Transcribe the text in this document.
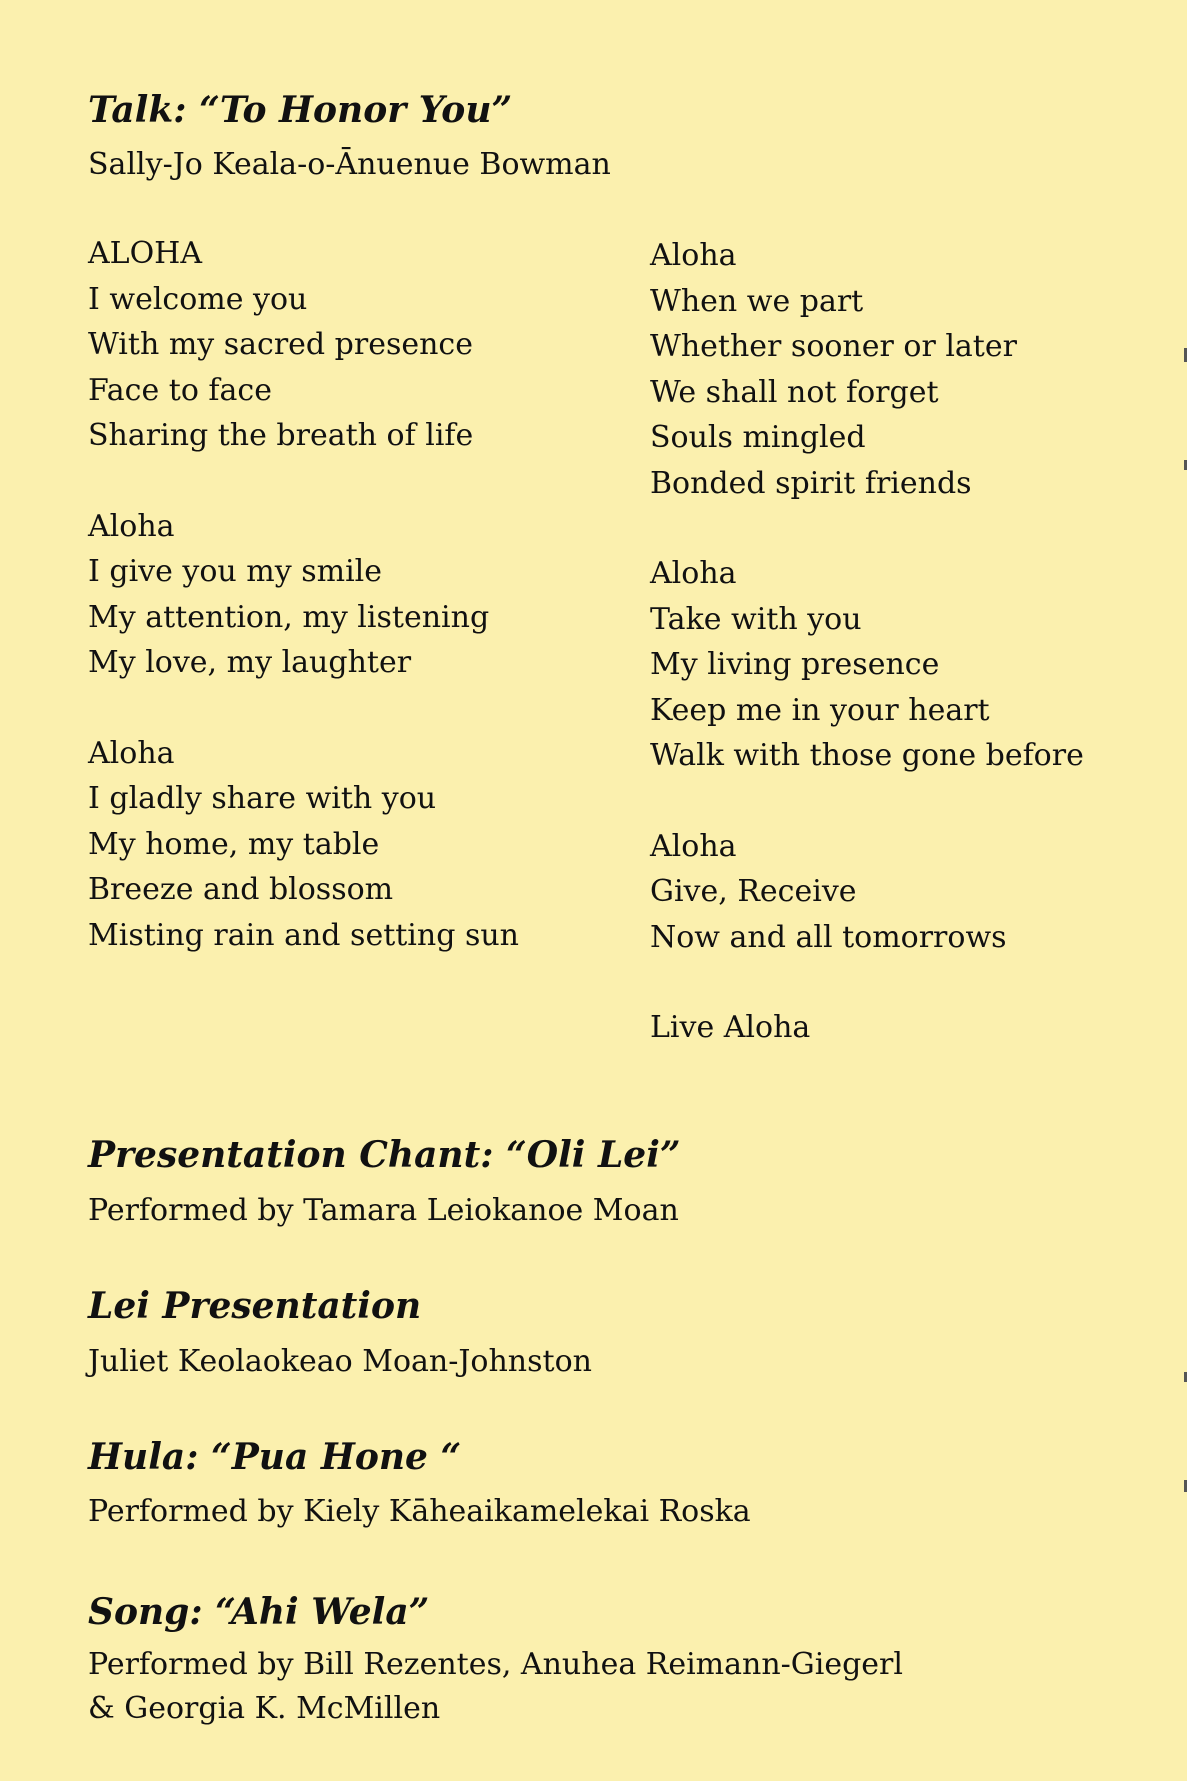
Talk: “To Honor You”

Sally-Jo Keala-o-Ānuenue Bowman

ALOHA
I welcome you
With my sacred presence
Face to face
Sharing the breath of life
Aloha
I give you my smile
My attention, my listening
My love, my laughter
Aloha
I gladly share with you
My home, my table
Breeze and blossom
Misting rain and setting sun
Aloha
When we part
Whether sooner or later
We shall not forget
Souls mingled
Bonded spirit friends
Aloha
Take with you
My living presence
Keep me in your heart
Walk with those gone before
Aloha
Give, Receive
Now and all tomorrows
Live Aloha
Presentation Chant: “Oli Lei”

Performed by Tamara Leiokanoe Moan

Lei Presentation

Juliet Keolaokeao Moan-Johnston

Hula: “Pua Hone “

Performed by Kiely Kāheaikamelekai Roska

Song: “Ahi Wela”

Performed by Bill Rezentes, Anuhea Reimann-Giegerl

& Georgia K. McMillen
